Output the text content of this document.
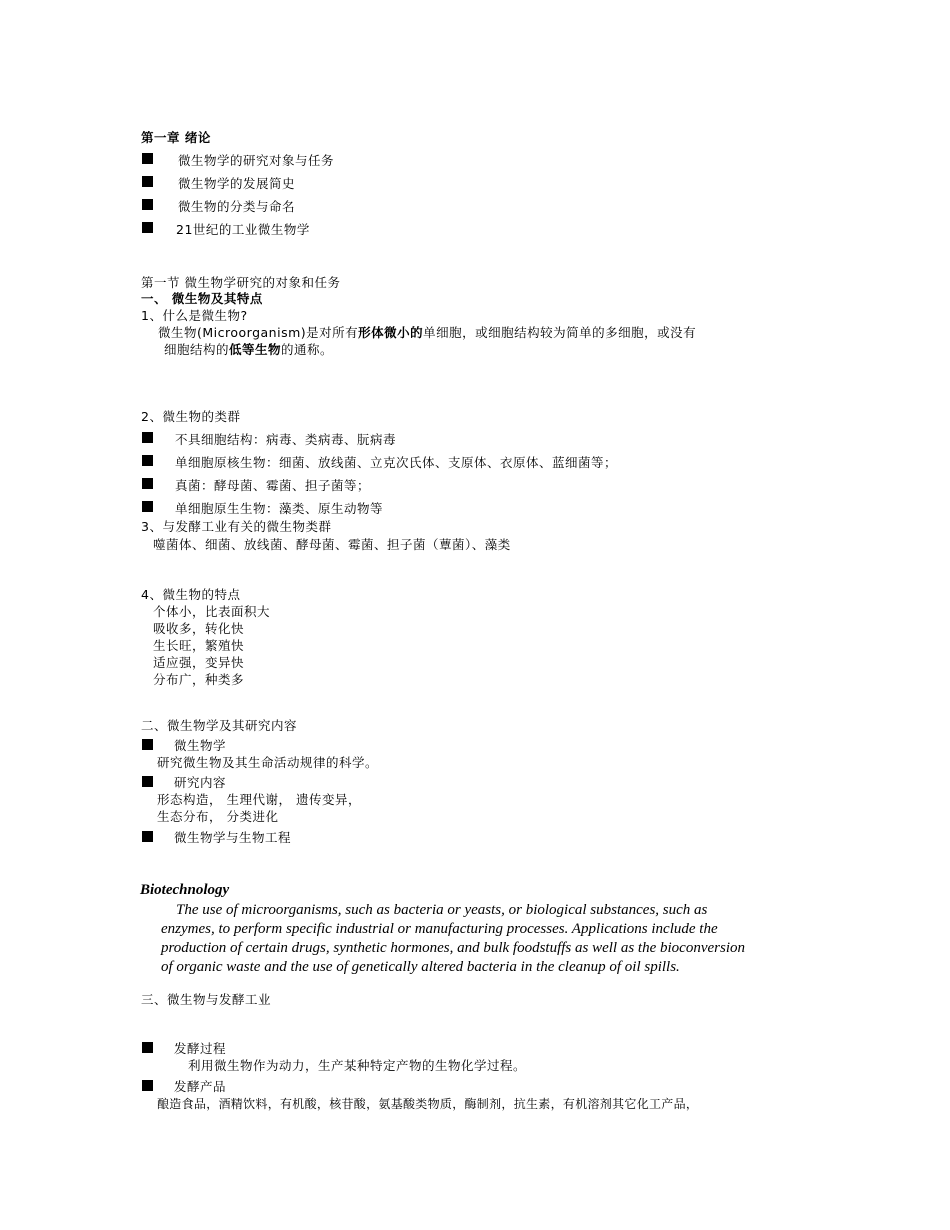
第一章 绪论
微生物学的研究对象与任务
微生物学的发展简史
微生物的分类与命名
21世纪的工业微生物学
第一节 微生物学研究的对象和任务
一、 微生物及其特点
1、什么是微生物?
微生物(Microorganism)是对所有形体微小的单细胞，或细胞结构较为简单的多细胞，或没有
细胞结构的低等生物的通称。
2、微生物的类群
不具细胞结构：病毒、类病毒、朊病毒
单细胞原核生物：细菌、放线菌、立克次氏体、支原体、衣原体、蓝细菌等；
真菌：酵母菌、霉菌、担子菌等；
单细胞原生生物：藻类、原生动物等
3、与发酵工业有关的微生物类群
噬菌体、细菌、放线菌、酵母菌、霉菌、担子菌（蕈菌）、藻类
4、微生物的特点
个体小，比表面积大
吸收多，转化快
生长旺，繁殖快
适应强，变异快
分布广，种类多
二、微生物学及其研究内容
微生物学
研究微生物及其生命活动规律的科学。
研究内容
形态构造， 生理代谢， 遗传变异，
生态分布， 分类进化
微生物学与生物工程
Biotechnology
The use of microorganisms, such as bacteria or yeasts, or biological substances, such as
enzymes, to perform specific industrial or manufacturing processes. Applications include the
production of certain drugs, synthetic hormones, and bulk foodstuffs as well as the bioconversion
of organic waste and the use of genetically altered bacteria in the cleanup of oil spills.
三、微生物与发酵工业
发酵过程
利用微生物作为动力，生产某种特定产物的生物化学过程。
发酵产品
酿造食品，酒精饮料，有机酸，核苷酸，氨基酸类物质，酶制剂，抗生素，有机溶剂其它化工产品，
